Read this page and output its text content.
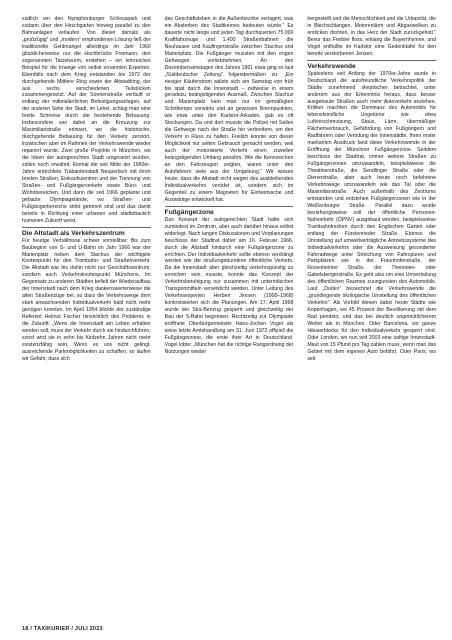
südlich um den Nymphenburger Schlosspark und sodann über den Hirschgarten hinweg parallel zu den Bahnanlagen verlaufen. Von dieser damals als „großzügig“ und „modern“ empfundenen Lösung ließ der traditionelle Geldmangel allerdings im Jahr 1960 glücklicherweise nur die Hochbrücke Freimann, den sogenannten Tatzelwurm, erstehen – ein lehrreiches Beispiel für die Irrwege von selbst ernannten Experten. Ebenfalls nach dem Krieg entstanden bis 1972 der durchgehende Mittlere Ring sowie der Altstadtring, der aus sechs verschiedenen Teilstücken zusammengesetzt. Auf der Sonnenstraße verläuft er entlang der mittelalterlichen Befestigungsanlagen, auf der anderen Seite der Stadt, im Lehel, schlug man eine breite Schneise durch die bestehende Bebauung. Insbesondere wei dabei an die Kreuzung zur Maximilianstraße erinnert, wo die historische, durchgehende Bebauung für den Verkehr zerstört, inzwischen aber im Rahmen der Verkehrswende wieder repariert wurde. Zwei große Projekte in München, wo die Ideen der autogerechten Stadt umgesetzt wurden, sollen noch erwähnt: Einmal die seit Mitte der 1960er-Jahre entrichtete Trabantenstadt Neuperlach mit ihren breiten Straßen, Einkaufszentren und der Trennung von Straßen- und Fußgängerverkehr sowie Büro- und Wohnbereichen. Und dann die seit 1966 geplante und gebaute Olympiagelände, wo Straßen- und Fußgängerbereiche strikt getrennt sind und das damit bereits in Richtung einer urbanen und städtebaulich humanen Zukunft weist.

Die Altstadt als Verkehrszentrum

Für heutige Verhältnisse schwer vorstellbar: Bis zum Baubeginn von S- und U-Bahn im Jahr 1966 war der Marienplatz neben dem Stachus der wichtigste Knotenpunkt für den Trambahn- und Straßenverkehr. Die Altstadt war bis dahin nicht nur Geschäftszentrum, sondern auch Verkehrsknotenpunkt Münchens. Im Gegensatz zu anderen Städten befielt der Wiederaufbau der Innenstadt nach dem Krieg dankenswerterweise die alten Straßenzüge bei, so dass die Verkehrswege dem stark anwachsenden Individualverkehr bald nicht mehr genügen konnten. Im April 1954 blickte der zuständige Referent Helmut Fischer hinsichtlich des Problems in die Zukunft: „Wenn die Innenstadt am Leben erhalten werden soll, muss der Verkehr durch sie hindurchführen, sonst wird sie in zehn bis fünfzehn Jahren nicht mehr existenzfähig sein. Wenn es uns nicht gelingt, ausreichende Parkmöglichkeiten zu schaffen, so laufen wir Gefahr, dass sich

das Geschäftsleben in die Außenbezirke verlagert, was ein Absterben des Stadtkernes bedeuten würde.“ Es dauerte nicht lange und jeden Tag durchquerten 75.000 Kraftfahrzeuge und 1.400 Straßenbahnen die Neuhauser und Kaufingerstraße zwischen Stachus und Marienplatz. Die Fußgänger mussten mit den engen Gehwegen vorliebnehmen. An den Dezembersamstagen des Jahres 1961 etwa ging es laut „Süddeutscher Zeitung“ folgendermaßen zu: „Ein riesiger Käuferstrom wälzte sich am Samstag von früh bis spät durch die Innenstadt – zeitweise in einem geradezu beängstigenden Ausmaß. Zwischen Stachus und Marienplatz kam man nur im gemäßigten Schrittempo vorwärts und an gewissen Brennpunkten, wie etwa unter den Karlstor-Arkaden, gab es oft Stockungen. Da und dort musste die Polizei mit Seilen die Gehwege nach der Straße hin verbreitern, um den Verkehr in Fluss zu halten. Freilich konnte von dieser Möglichkeit nur selten Gebrauch gemacht werden, weil auch der motorisierte Verkehr einen zuweilen beängstigenden Umfang annahm. Wie die Kennzeichen an den Fahrzeugen zeigten, waren unter den Autofahrern viele aus der Umgebung.“ Wir wissen heute, dass die Altstadt nicht wegen des ausbleibenden Individualverkehrs verödet ist, sondern sich im Gegenteil zu einem Magneten für Einheimische und Auswärtige entwickelt hat.

Fußgängerzone

Das Konzept der autogerechten Stadt hatte sich zumindest im Zentrum, aber auch darüber hinaus selbst widerlegt. Nach langen Diskussionen und Vorplanungen beschloss der Stadtrat daher am 16. Februar 1966, durch die Altstadt hindurch eine Fußgängerzone zu errichten. Der Individualverkehr sollte ebenso verdrängt werden wie die straßengebundene öffentliche Verkehr. Da die Innenstadt aber gleichzeitig verkehrsgünstig zu erreichen sein musste, konnte das Konzept der Verkehrsberuhigung nur zusammen mit unterirdischen Transportmitteln verwirklicht werden. Unter Leitung des Verkehrsexperten Herbert Jensen (1900–1968) konkretisierten sich die Planungen. Am 17. April 1968 wurde der Stra-Benzug gesperrt und gleichzeitig der Bau der S-Bahn begonnen. Rechtzeitig zur Olympiade eröffnete Oberbürgermeister Hans-Jochen Vogel als seine letzte Amtshandlung am 31. Juni 1972 offiziell die Fußgängerzone, die erste ihrer Art in Deutschland. Vogel lobte: „München hat die richtige Rangordnung der Nutzungen wieder

hergestellt und die Menschlichkeit und die Urbanität, die in Blechschlangen, Motorenlärm und Abgaswolken zu ersticken drohten, in das Herz der Stadt zurückgeholt.“ Bevor das Freibier floss, erklang die Bayernhymne, und Vogel enthüllte im Karlstor eine Gedenktafel für den bereits verstorbenen Jensen.

Verkehrswende

Spätestens seit Anfang der 1970er-Jahre wurde in Deutschland die autofreundliche Verkehrspolitik der Städte zunehmend skeptischer betrachtet, unter anderem aus der Erkenntnis heraus, dass besser ausgebaute Straßen auch mehr Autoverkehr anziehen. Kritiker machten die Dominanz des Automobils für lebensfeindliche Ungetüme wie etwa Luftverschmutzung, Staus, Lärm, übermäßiger Flächenverbrauch, Gefährdung von Fußgängern und Radfahrern oder Verödung der Innenstädte. Ihren erster markanten Ausdruck fand diese Verkehrswende in der Eröffnung der Münchner Fußgängerzone. Seitdem beschloss der Stadtrat, immer weitere Straßen zu Fußgängerzonen umzuwandeln, beispielsweise die Theatinerstraße, die Sendlinger Straße oder die Dienerstraße, aber auch heute noch befahrene Verkehrswege umzuwandeln wie das Tal oder die Maximilianstraße. Auch außerhalb des Zentrums entstanden und entstehen Fußgängerzonen wie in der Weißenburger Straße. Parallel dazu wurde beziehungsweise soll der öffentliche Personen-Nahverkehr (ÖPNV) ausgebaut werden, beispielsweise Trambahntrecken durch den Englischen Garten oder entlang der Fürstenrieder Straße. Ebenso die Umstellung auf umweltverträgliche Antriebssysteme des Individualverkehrs oder die Ausweisung gesonderter Fahrradwege unter Streichung von Fahrspuren und Parkplätzen wie in der Fraunhoferstraße, der Rosenheimer Straße, der Theresien- oder Gabelsbergerstraße. Es geht also um eine Umverteilung des öffentlichen Raumes zuungunsten des Automobils. Laut „Duden“ bezeichnet die Verkehrswende die „grundlegende ökologische Umstellung des öffentlichen Verkehrs“. Als Vorbild dienen dabei heute Städte wie Kopenhagen, wo 45 Prozent der Bevölkerung mit dem Rad pendeln, und das bei deutlich ungemütlicherem Wetter als in München. Oder Barcelona, wo ganze Häuserblocks für den Individualverkehr gesperrt sind. Oder London, wo nun seit 2003 eine saftige Innenstadt-Maut von 15 Pfund pro Tag zahlen muss, wenn man das Gebiet mit dem eigenen Auto befährt. Oder Paris, wo seit

18 / TAXIKURIER / JULI 2023
